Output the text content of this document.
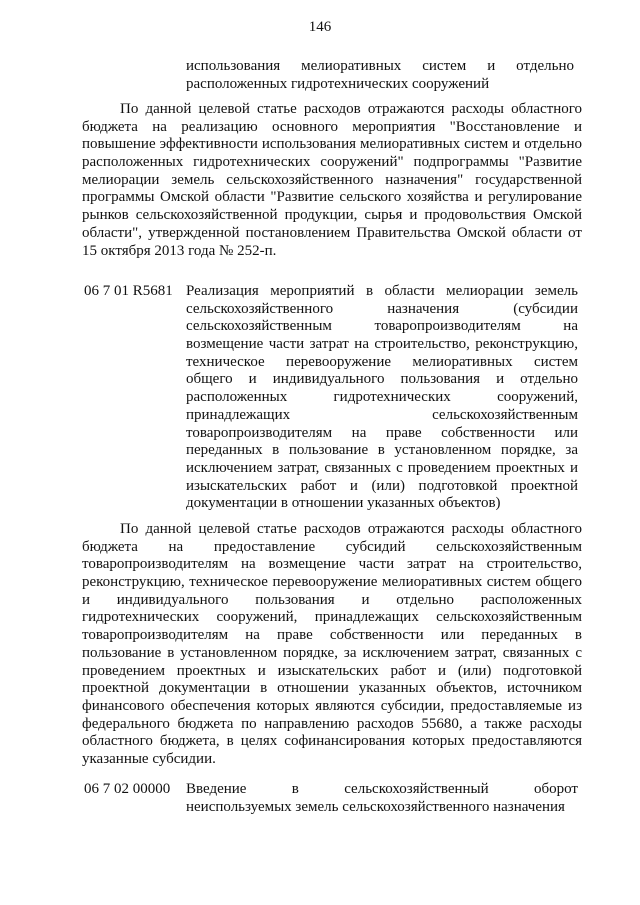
146
использования мелиоративных систем и отдельно
расположенных гидротехнических сооружений
По данной целевой статье расходов отражаются расходы областного
бюджета на реализацию основного мероприятия "Восстановление и
повышение эффективности использования мелиоративных систем и отдельно
расположенных гидротехнических сооружений" подпрограммы "Развитие
мелиорации земель сельскохозяйственного назначения" государственной
программы Омской области "Развитие сельского хозяйства и регулирование
рынков сельскохозяйственной продукции, сырья и продовольствия Омской
области", утвержденной постановлением Правительства Омской области от
15 октября 2013 года № 252-п.
06 7 01 R5681 Реализация мероприятий в области мелиорации земель
сельскохозяйственного назначения (субсидии
сельскохозяйственным товаропроизводителям на
возмещение части затрат на строительство, реконструкцию,
техническое перевооружение мелиоративных систем
общего и индивидуального пользования и отдельно
расположенных гидротехнических сооружений,
принадлежащих сельскохозяйственным
товаропроизводителям на праве собственности или
переданных в пользование в установленном порядке, за
исключением затрат, связанных с проведением проектных и
изыскательских работ и (или) подготовкой проектной
документации в отношении указанных объектов)
По данной целевой статье расходов отражаются расходы областного
бюджета на предоставление субсидий сельскохозяйственным
товаропроизводителям на возмещение части затрат на строительство,
реконструкцию, техническое перевооружение мелиоративных систем общего
и индивидуального пользования и отдельно расположенных
гидротехнических сооружений, принадлежащих сельскохозяйственным
товаропроизводителям на праве собственности или переданных в
пользование в установленном порядке, за исключением затрат, связанных с
проведением проектных и изыскательских работ и (или) подготовкой
проектной документации в отношении указанных объектов, источником
финансового обеспечения которых являются субсидии, предоставляемые из
федерального бюджета по направлению расходов 55680, а также расходы
областного бюджета, в целях софинансирования которых предоставляются
указанные субсидии.
06 7 02 00000 Введение в сельскохозяйственный оборот
неиспользуемых земель сельскохозяйственного назначения
